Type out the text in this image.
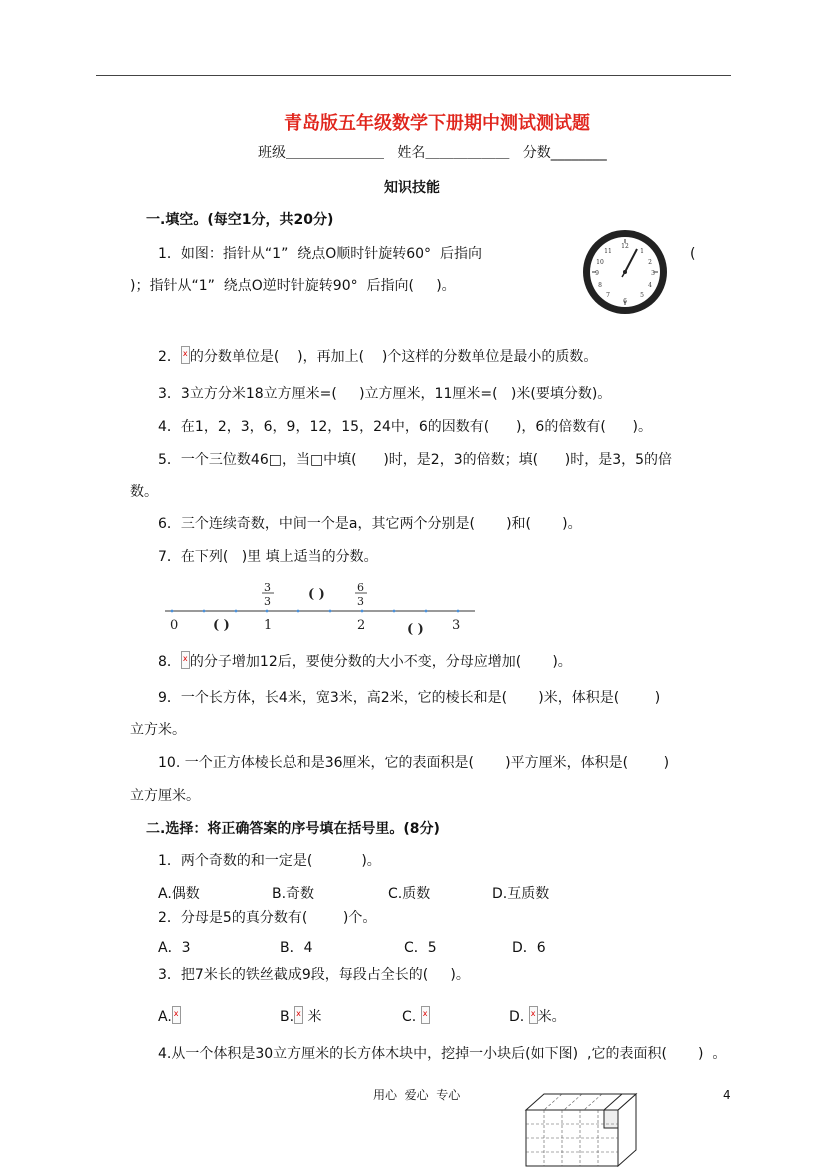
青岛版五年级数学下册期中测试测试题
班级＿＿＿＿＿＿＿   姓名＿＿＿＿＿＿   分数________
知识技能
一.填空。(每空1分，共20分)
1．如图：指针从“1”  绕点O顺时针旋转60°  后指向	(
)；指针从“1”  绕点O逆时针旋转90°  后指向(     )。
12
1
2
3
4
5
6
7
8
9
10
11
2． x 的分数单位是(    )，再加上(    )个这样的分数单位是最小的质数。
3．3立方分米18立方厘米=(     )立方厘米，11厘米=(   )米(要填分数)。
4．在1，2，3，6，9，12，15，24中，6的因数有(      )，6的倍数有(      )。
5．一个三位数46□，当□中填(      )时，是2，3的倍数；填(      )时，是3，5的倍
数。
6．三个连续奇数，中间一个是a，其它两个分别是(       )和(       )。
7．在下列(   )里 填上适当的分数。
0	1	2	3
3
3
6
3
( )
( )	( )
8． x 的分子增加12后，要使分数的大小不变，分母应增加(       )。
9．一个长方体，长4米，宽3米，高2米，它的棱长和是(       )米，体积是(        )
立方米。
10. 一个正方体棱长总和是36厘米，它的表面积是(       )平方厘米，体积是(        )
立方厘米。
二.选择：将正确答案的序号填在括号里。(8分)
1．两个奇数的和一定是(           )。
A.偶数	B.奇数	C.质数	D.互质数
2．分母是5的真分数有(        )个。
A．3	B．4	C．5	D．6
3．把7米长的铁丝截成9段，每段占全长的(     )。
A. x	B. x 米	C. x	D. x 米。
4.从一个体积是30立方厘米的长方体木块中，挖掉一小块后(如下图)  ,它的表面积(       )  。
用心  爱心  专心	4
